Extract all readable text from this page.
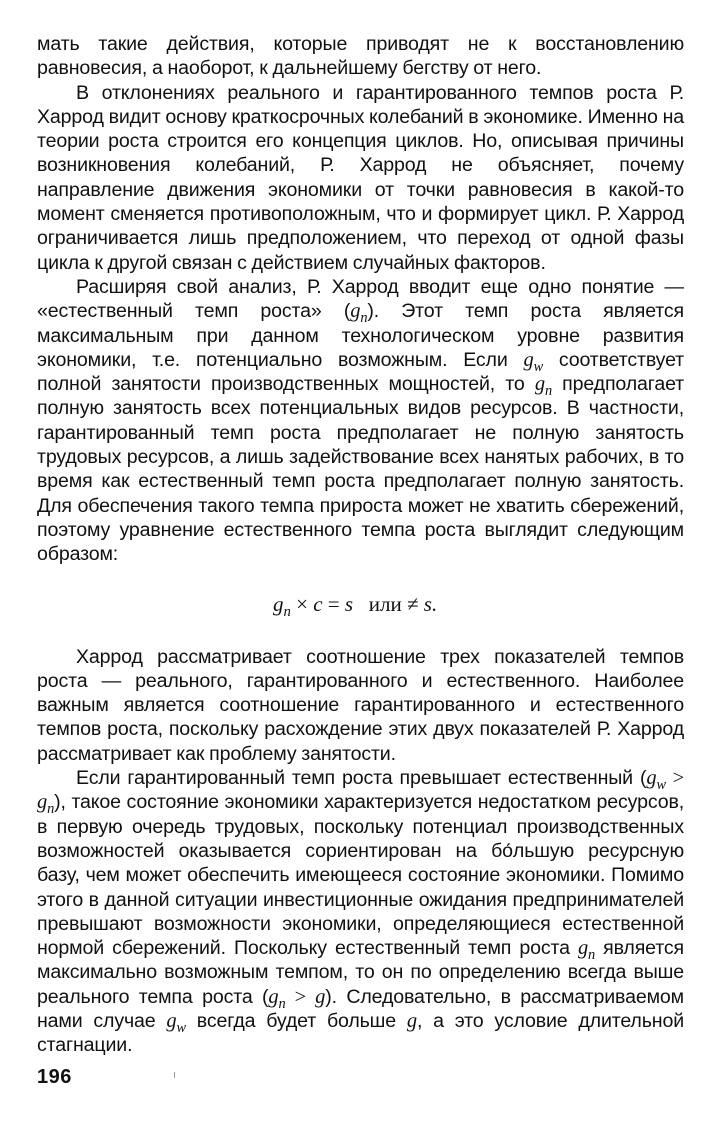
мать такие действия, которые приводят не к восстановлению равновесия, а наоборот, к дальнейшему бегству от него.

В отклонениях реального и гарантированного темпов роста Р. Харрод видит основу краткосрочных колебаний в экономике. Именно на теории роста строится его концепция циклов. Но, описывая причины возникновения колебаний, Р. Харрод не объясняет, почему направление движения экономики от точки равновесия в какой-то момент сменяется противоположным, что и формирует цикл. Р. Харрод ограничивается лишь предположением, что переход от одной фазы цикла к другой связан с действием случайных факторов.

Расширяя свой анализ, Р. Харрод вводит еще одно понятие — «естественный темп роста» $(g_n)$. Этот темп роста является максимальным при данном технологическом уровне развития экономики, т.е. потенциально возможным. Если $g_w$ соответствует полной занятости производственных мощностей, то $g_n$ предполагает полную занятость всех потенциальных видов ресурсов. В частности, гарантированный темп роста предполагает не полную занятость трудовых ресурсов, а лишь задействование всех нанятых рабочих, в то время как естественный темп роста предполагает полную занятость. Для обеспечения такого темпа прироста может не хватить сбережений, поэтому уравнение естественного темпа роста выглядит следующим образом:

$g_n \times c = s$ или ≠ s.

Харрод рассматривает соотношение трех показателей темпов роста — реального, гарантированного и естественного. Наиболее важным является соотношение гарантированного и естественного темпов роста, поскольку расхождение этих двух показателей Р. Харрод рассматривает как проблему занятости.

Если гарантированный темп роста превышает естественный $(g_w > g_n)$, такое состояние экономики характеризуется недостатком ресурсов, в первую очередь трудовых, поскольку потенциал производственных возможностей оказывается сориентирован на бо́льшую ресурсную базу, чем может обеспечить имеющееся состояние экономики. Помимо этого в данной ситуации инвестиционные ожидания предпринимателей превышают возможности экономики, определяющиеся естественной нормой сбережений. Поскольку естественный темп роста $g_n$ является максимально возможным темпом, то он по определению всегда выше реального темпа роста $(g_n > g)$. Следовательно, в рассматриваемом нами случае $g_w$ всегда будет больше g, а это условие длительной стагнации.

196
